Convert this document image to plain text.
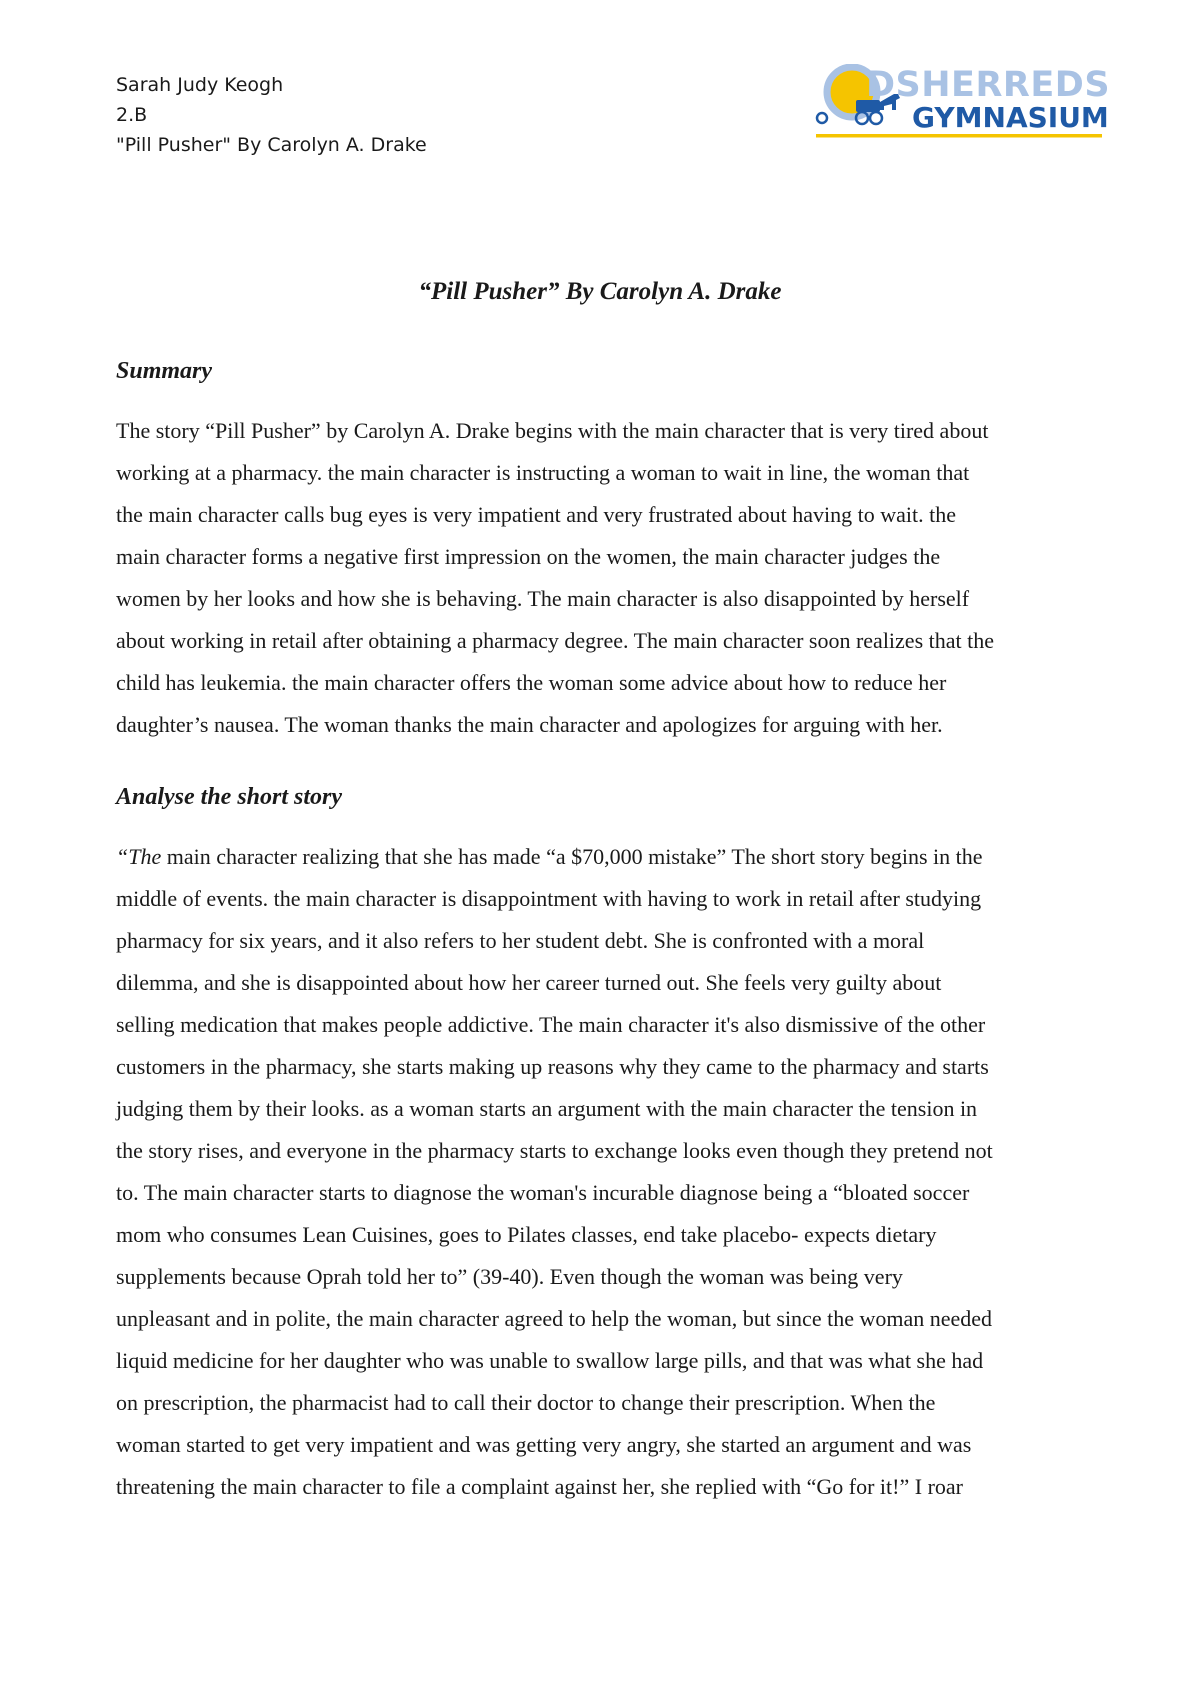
Sarah Judy Keogh
2.B
"Pill Pusher" By Carolyn A. Drake
DSHERREDS
GYMNASIUM
“Pill Pusher” By Carolyn A. Drake
Summary
The story “Pill Pusher” by Carolyn A. Drake begins with the main character that is very tired about
working at a pharmacy. the main character is instructing a woman to wait in line, the woman that
the main character calls bug eyes is very impatient and very frustrated about having to wait. the
main character forms a negative first impression on the women, the main character judges the
women by her looks and how she is behaving. The main character is also disappointed by herself
about working in retail after obtaining a pharmacy degree. The main character soon realizes that the
child has leukemia. the main character offers the woman some advice about how to reduce her
daughter’s nausea. The woman thanks the main character and apologizes for arguing with her.
Analyse the short story
“The main character realizing that she has made “a $70,000 mistake” The short story begins in the
middle of events. the main character is disappointment with having to work in retail after studying
pharmacy for six years, and it also refers to her student debt. She is confronted with a moral
dilemma, and she is disappointed about how her career turned out. She feels very guilty about
selling medication that makes people addictive. The main character it's also dismissive of the other
customers in the pharmacy, she starts making up reasons why they came to the pharmacy and starts
judging them by their looks. as a woman starts an argument with the main character the tension in
the story rises, and everyone in the pharmacy starts to exchange looks even though they pretend not
to. The main character starts to diagnose the woman's incurable diagnose being a “bloated soccer
mom who consumes Lean Cuisines, goes to Pilates classes, end take placebo- expects dietary
supplements because Oprah told her to” (39-40). Even though the woman was being very
unpleasant and in polite, the main character agreed to help the woman, but since the woman needed
liquid medicine for her daughter who was unable to swallow large pills, and that was what she had
on prescription, the pharmacist had to call their doctor to change their prescription. When the
woman started to get very impatient and was getting very angry, she started an argument and was
threatening the main character to file a complaint against her, she replied with “Go for it!” I roar
